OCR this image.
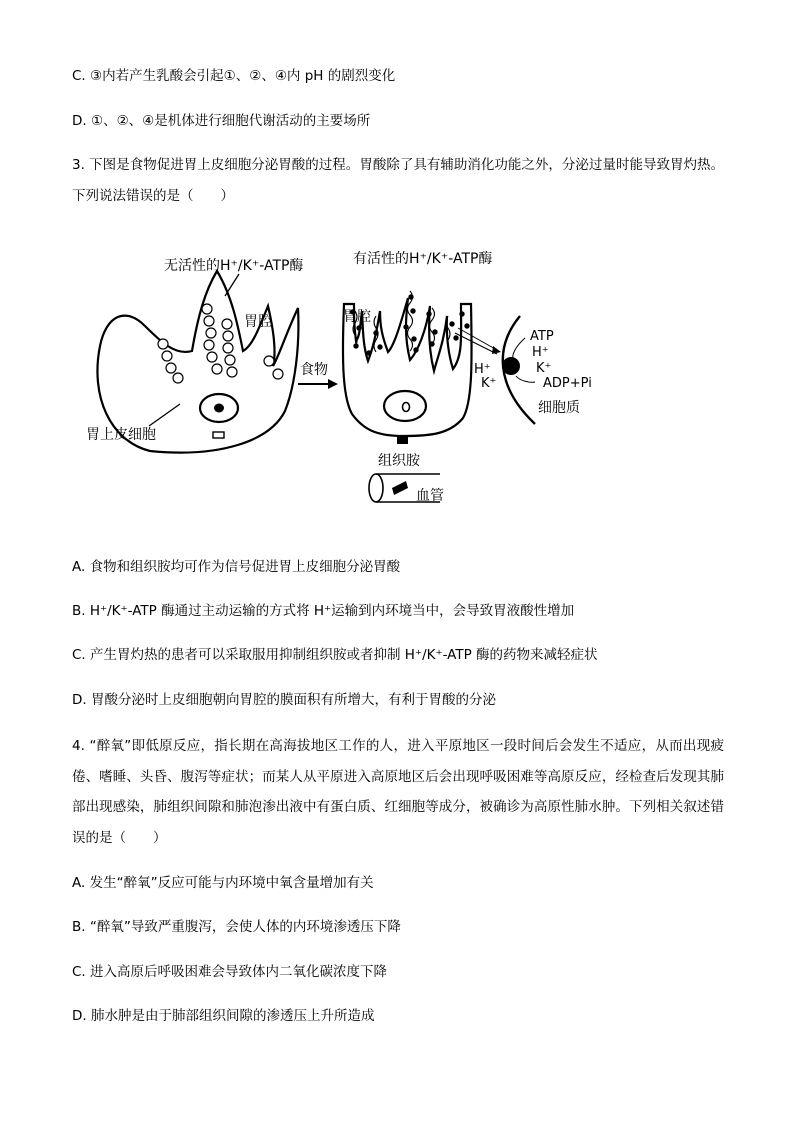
C. ③内若产生乳酸会引起①、②、④内 pH 的剧烈变化
D. ①、②、④是机体进行细胞代谢活动的主要场所
3. 下图是食物促进胃上皮细胞分泌胃酸的过程。胃酸除了具有辅助消化功能之外，分泌过量时能导致胃灼热。下列说法错误的是（　　）
无活性的H⁺/K⁺-ATP酶
胃腔
胃上皮细胞
食物
有活性的H⁺/K⁺-ATP酶
胃腔
组织胺
血管
ATP
H⁺
K⁺
ADP+Pi
H⁺
K⁺
细胞质
A. 食物和组织胺均可作为信号促进胃上皮细胞分泌胃酸
B. H⁺/K⁺-ATP 酶通过主动运输的方式将 H⁺运输到内环境当中，会导致胃液酸性增加
C. 产生胃灼热的患者可以采取服用抑制组织胺或者抑制 H⁺/K⁺-ATP 酶的药物来减轻症状
D. 胃酸分泌时上皮细胞朝向胃腔的膜面积有所增大，有利于胃酸的分泌
4. “醉氧”即低原反应，指长期在高海拔地区工作的人，进入平原地区一段时间后会发生不适应，从而出现疲倦、嗜睡、头昏、腹泻等症状；而某人从平原进入高原地区后会出现呼吸困难等高原反应，经检查后发现其肺部出现感染，肺组织间隙和肺泡渗出液中有蛋白质、红细胞等成分，被确诊为高原性肺水肿。下列相关叙述错误的是（　　）
A. 发生“醉氧”反应可能与内环境中氧含量增加有关
B. “醉氧”导致严重腹泻，会使人体的内环境渗透压下降
C. 进入高原后呼吸困难会导致体内二氧化碳浓度下降
D. 肺水肿是由于肺部组织间隙的渗透压上升所造成
